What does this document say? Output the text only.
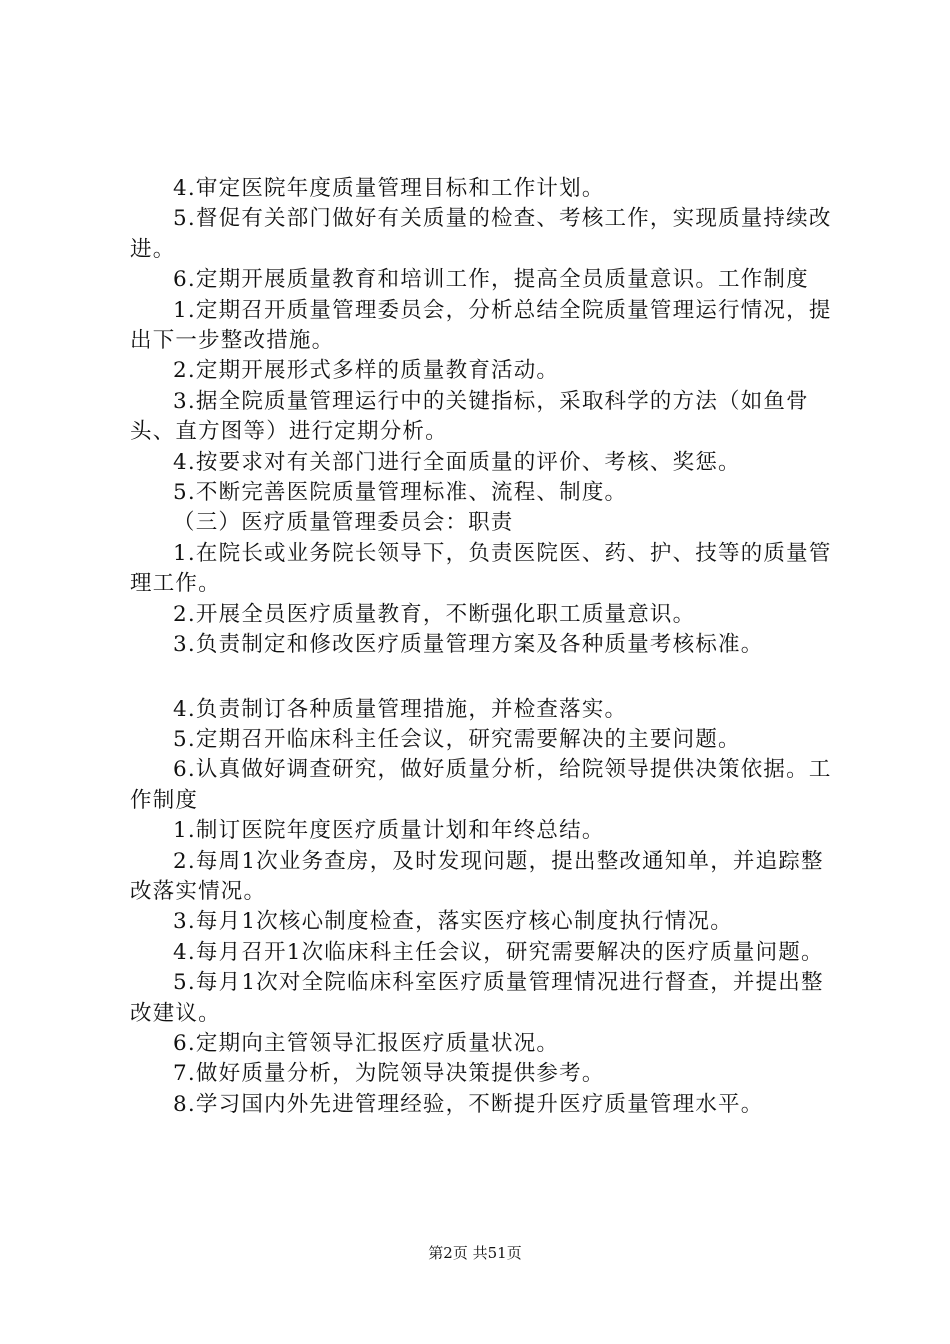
4.审定医院年度质量管理目标和工作计划。

5.督促有关部门做好有关质量的检查、考核工作，实现质量持续改进。

6.定期开展质量教育和培训工作，提高全员质量意识。工作制度

1.定期召开质量管理委员会，分析总结全院质量管理运行情况，提出下一步整改措施。

2.定期开展形式多样的质量教育活动。

3.据全院质量管理运行中的关键指标，采取科学的方法（如鱼骨头、直方图等）进行定期分析。

4.按要求对有关部门进行全面质量的评价、考核、奖惩。

5.不断完善医院质量管理标准、流程、制度。

（三）医疗质量管理委员会：职责

1.在院长或业务院长领导下，负责医院医、药、护、技等的质量管理工作。

2.开展全员医疗质量教育，不断强化职工质量意识。

3.负责制定和修改医疗质量管理方案及各种质量考核标准。

4.负责制订各种质量管理措施，并检查落实。

5.定期召开临床科主任会议，研究需要解决的主要问题。

6.认真做好调查研究，做好质量分析，给院领导提供决策依据。工作制度

1.制订医院年度医疗质量计划和年终总结。

2.每周1次业务查房，及时发现问题，提出整改通知单，并追踪整改落实情况。

3.每月1次核心制度检查，落实医疗核心制度执行情况。

4.每月召开1次临床科主任会议，研究需要解决的医疗质量问题。

5.每月1次对全院临床科室医疗质量管理情况进行督查，并提出整改建议。

6.定期向主管领导汇报医疗质量状况。

7.做好质量分析，为院领导决策提供参考。

8.学习国内外先进管理经验，不断提升医疗质量管理水平。

第2页 共51页
